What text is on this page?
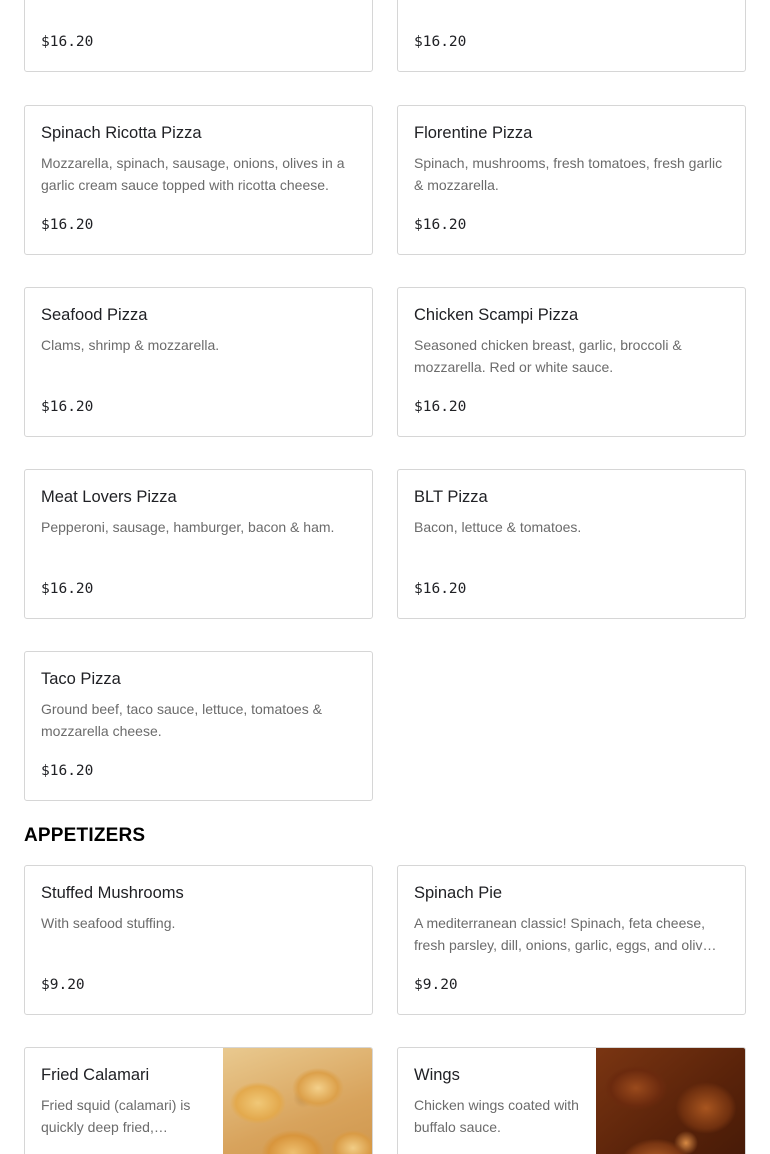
$16.20	$16.20
Spinach Ricotta Pizza
Mozzarella, spinach, sausage, onions, olives in a garlic cream sauce topped with ricotta cheese.
$16.20
Florentine Pizza
Spinach, mushrooms, fresh tomatoes, fresh garlic & mozzarella.
$16.20
Seafood Pizza
Clams, shrimp & mozzarella.
$16.20
Chicken Scampi Pizza
Seasoned chicken breast, garlic, broccoli & mozzarella. Red or white sauce.
$16.20
Meat Lovers Pizza
Pepperoni, sausage, hamburger, bacon & ham.
$16.20
BLT Pizza
Bacon, lettuce & tomatoes.
$16.20
Taco Pizza
Ground beef, taco sauce, lettuce, tomatoes & mozzarella cheese.
$16.20
APPETIZERS
Stuffed Mushrooms
With seafood stuffing.
$9.20
Spinach Pie
A mediterranean classic! Spinach, feta cheese, fresh parsley, dill, onions, garlic, eggs, and oliv…
$9.20
Fried Calamari
Fried squid (calamari) is quickly deep fried,…
Wings
Chicken wings coated with buffalo sauce.
